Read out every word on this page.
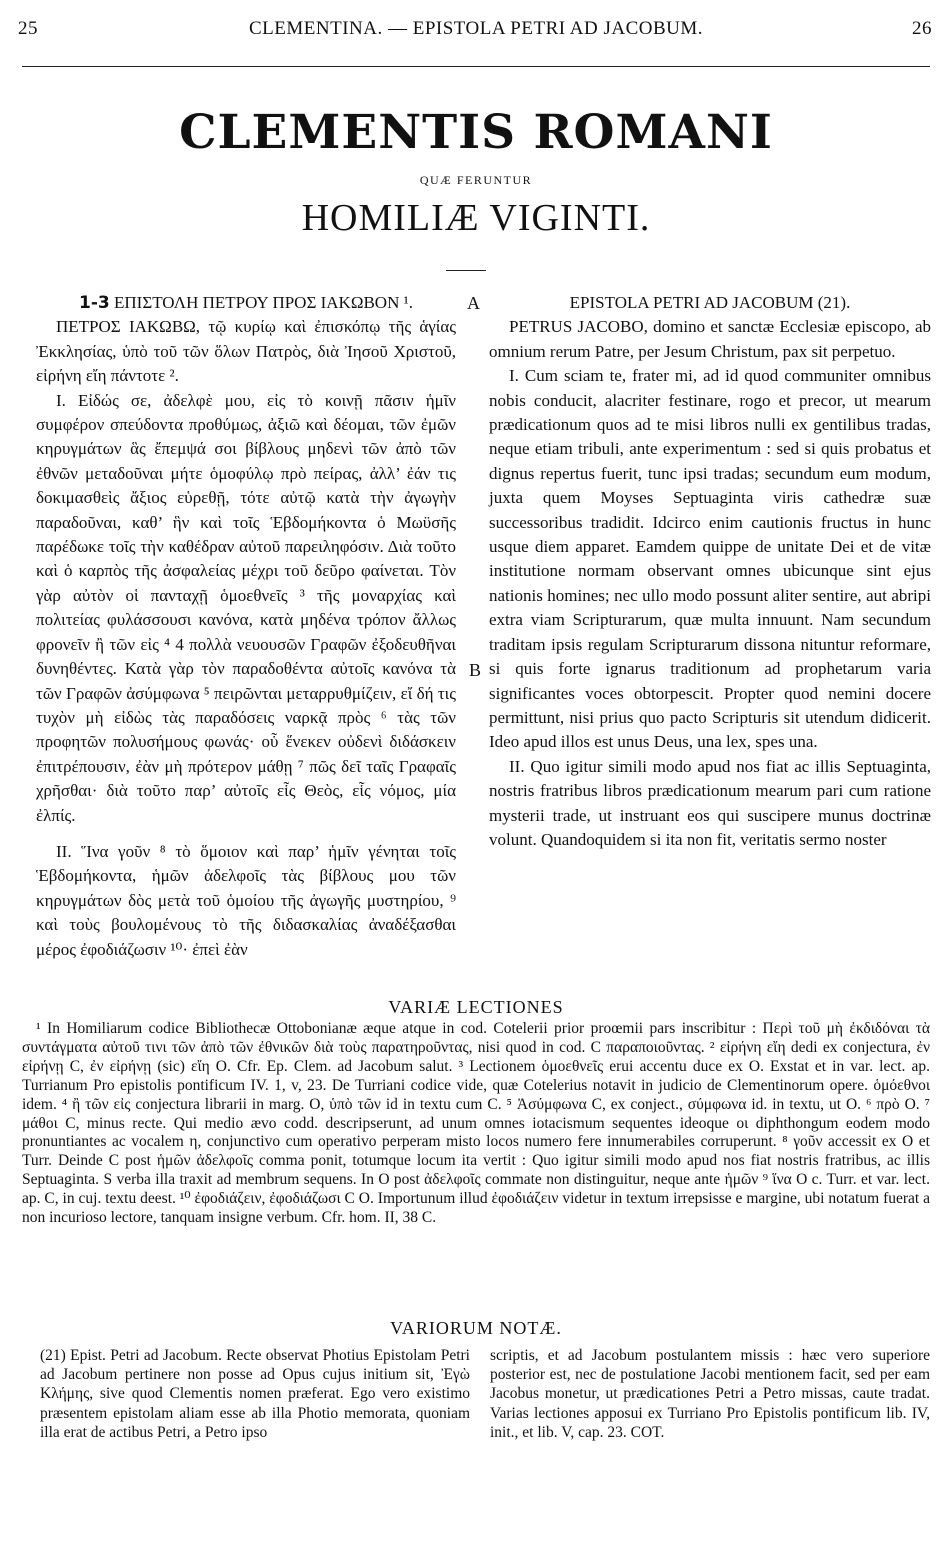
25	CLEMENTINA. — EPISTOLA PETRI AD JACOBUM.	26
CLEMENTIS ROMANI
QUÆ FERUNTUR
HOMILIÆ VIGINTI.
A
B
1-3 ΕΠΙΣΤΟΛΗ ΠΕΤΡΟΥ ΠΡΟΣ ΙΑΚΩΒΟΝ ¹.

ΠΕΤΡΟΣ ΙΑΚΩΒΩ, τῷ κυρίῳ καὶ ἐπισκόπῳ τῆς ἁγίας Ἐκκλησίας, ὑπὸ τοῦ τῶν ὅλων Πατρὸς, διὰ Ἰησοῦ Χριστοῦ, εἰρήνη εἴη πάντοτε ².

I. Εἰδώς σε, ἀδελφὲ μου, εἰς τὸ κοινῇ πᾶσιν ἡμῖν συμφέρον σπεύδοντα προθύμως, ἀξιῶ καὶ δέομαι, τῶν ἐμῶν κηρυγμάτων ἃς ἔπεμψά σοι βίβλους μηδενὶ τῶν ἀπὸ τῶν ἐθνῶν μεταδοῦναι μήτε ὁμοφύλῳ πρὸ πείρας, ἀλλ’ ἐάν τις δοκιμασθεὶς ἄξιος εὑρεθῇ, τότε αὐτῷ κατὰ τὴν ἀγωγὴν παραδοῦναι, καθ’ ἣν καὶ τοῖς Ἑβδομήκοντα ὁ Μωϋσῆς παρέδωκε τοῖς τὴν καθέδραν αὐτοῦ παρειληφόσιν. Διὰ τοῦτο καὶ ὁ καρπὸς τῆς ἀσφαλείας μέχρι τοῦ δεῦρο φαίνεται. Τὸν γὰρ αὐτὸν οἱ πανταχῇ ὁμοεθνεῖς ³ τῆς μοναρχίας καὶ πολιτείας φυλάσσουσι κανόνα, κατὰ μηδένα τρόπον ἄλλως φρονεῖν ἢ τῶν εἰς ⁴ 4 πολλὰ νευουσῶν Γραφῶν ἐξοδευθῆναι δυνηθέντες. Κατὰ γὰρ τὸν παραδοθέντα αὐτοῖς κανόνα τὰ τῶν Γραφῶν ἀσύμφωνα ⁵ πειρῶνται μεταρρυθμίζειν, εἴ δή τις τυχὸν μὴ εἰδὼς τὰς παραδόσεις ναρκᾷ πρὸς ⁶ τὰς τῶν προφητῶν πολυσήμους φωνάς· οὗ ἕνεκεν οὐδενὶ διδάσκειν ἐπιτρέπουσιν, ἐὰν μὴ πρότερον μάθῃ ⁷ πῶς δεῖ ταῖς Γραφαῖς χρῆσθαι· διὰ τοῦτο παρ’ αὐτοῖς εἷς Θεὸς, εἷς νόμος, μία ἐλπίς.

II. Ἵνα γοῦν ⁸ τὸ ὅμοιον καὶ παρ’ ἡμῖν γένηται τοῖς Ἑβδομήκοντα, ἡμῶν ἀδελφοῖς τὰς βίβλους μου τῶν κηρυγμάτων δὸς μετὰ τοῦ ὁμοίου τῆς ἀγωγῆς μυστηρίου, ⁹ καὶ τοὺς βουλομένους τὸ τῆς διδασκαλίας ἀναδέξασθαι μέρος ἐφοδιάζωσιν ¹⁰· ἐπεὶ ἐὰν

EPISTOLA PETRI AD JACOBUM (21).

PETRUS JACOBO, domino et sanctæ Ecclesiæ episcopo, ab omnium rerum Patre, per Jesum Christum, pax sit perpetuo.

I. Cum sciam te, frater mi, ad id quod communiter omnibus nobis conducit, alacriter festinare, rogo et precor, ut mearum prædicationum quos ad te misi libros nulli ex gentilibus tradas, neque etiam tribuli, ante experimentum : sed si quis probatus et dignus repertus fuerit, tunc ipsi tradas; secundum eum modum, juxta quem Moyses Septuaginta viris cathedræ suæ successoribus tradidit. Idcirco enim cautionis fructus in hunc usque diem apparet. Eamdem quippe de unitate Dei et de vitæ institutione normam observant omnes ubicunque sint ejus nationis homines; nec ullo modo possunt aliter sentire, aut abripi extra viam Scripturarum, quæ multa innuunt. Nam secundum traditam ipsis regulam Scripturarum dissona nituntur reformare, si quis forte ignarus traditionum ad prophetarum varia significantes voces obtorpescit. Propter quod nemini docere permittunt, nisi prius quo pacto Scripturis sit utendum didicerit. Ideo apud illos est unus Deus, una lex, spes una.

II. Quo igitur simili modo apud nos fiat ac illis Septuaginta, nostris fratribus libros prædicationum mearum pari cum ratione mysterii trade, ut instruant eos qui suscipere munus doctrinæ volunt. Quandoquidem si ita non fit, veritatis sermo noster

VARIÆ LECTIONES

¹ In Homiliarum codice Bibliothecæ Ottobonianæ æque atque in cod. Cotelerii prior proœmii pars inscribitur : Περὶ τοῦ μὴ ἐκδιδόναι τὰ συντάγματα αὐτοῦ τινι τῶν ἀπὸ τῶν ἐθνικῶν διὰ τοὺς παρατηροῦντας, nisi quod in cod. C παραποιοῦντας. ² εἰρήνη εἴη dedi ex conjectura, ἐν εἰρήνῃ C, ἐν εἰρήνῃ (sic) εἴη O. Cfr. Ep. Clem. ad Jacobum salut. ³ Lectionem ὁμοεθνεῖς erui accentu duce ex O. Exstat et in var. lect. ap. Turrianum Pro epistolis pontificum IV. 1, v, 23. De Turriani codice vide, quæ Cotelerius notavit in judicio de Clementinorum opere. ὁμόεθνοι idem. ⁴ ἢ τῶν εἰς conjectura librarii in marg. O, ὑπὸ τῶν id in textu cum C. ⁵ Ἀσύμφωνα C, ex conject., σύμφωνα id. in textu, ut O. ⁶ πρὸ O. ⁷ μάθοι C, minus recte. Qui medio ævo codd. descripserunt, ad unum omnes iotacismum sequentes ideoque οι diphthongum eodem modo pronuntiantes ac vocalem η, conjunctivo cum operativo perperam misto locos numero fere innumerabiles corruperunt. ⁸ γοῦν accessit ex O et Turr. Deinde C post ἡμῶν ἀδελφοῖς comma ponit, totumque locum ita vertit : Quo igitur simili modo apud nos fiat nostris fratribus, ac illis Septuaginta. S verba illa traxit ad membrum sequens. In O post ἀδελφοῖς commate non distinguitur, neque ante ἡμῶν ⁹ ἵνα O c. Turr. et var. lect. ap. C, in cuj. textu deest. ¹⁰ ἐφοδιάζειν, ἐφοδιάζωσι C O. Importunum illud ἐφοδιάζειν videtur in textum irrepsisse e margine, ubi notatum fuerat a non incurioso lectore, tanquam insigne verbum. Cfr. hom. II, 38 C.

VARIORUM NOTÆ.

(21) Epist. Petri ad Jacobum. Recte observat Photius Epistolam Petri ad Jacobum pertinere non posse ad Opus cujus initium sit, Ἐγὼ Κλήμης, sive quod Clementis nomen præferat. Ego vero existimo præsentem epistolam aliam esse ab illa Photio memorata, quoniam illa erat de actibus Petri, a Petro ipso

scriptis, et ad Jacobum postulantem missis : hæc vero superiore posterior est, nec de postulatione Jacobi mentionem facit, sed per eam Jacobus monetur, ut prædicationes Petri a Petro missas, caute tradat. Varias lectiones apposui ex Turriano Pro Epistolis pontificum lib. IV, init., et lib. V, cap. 23. COT.
